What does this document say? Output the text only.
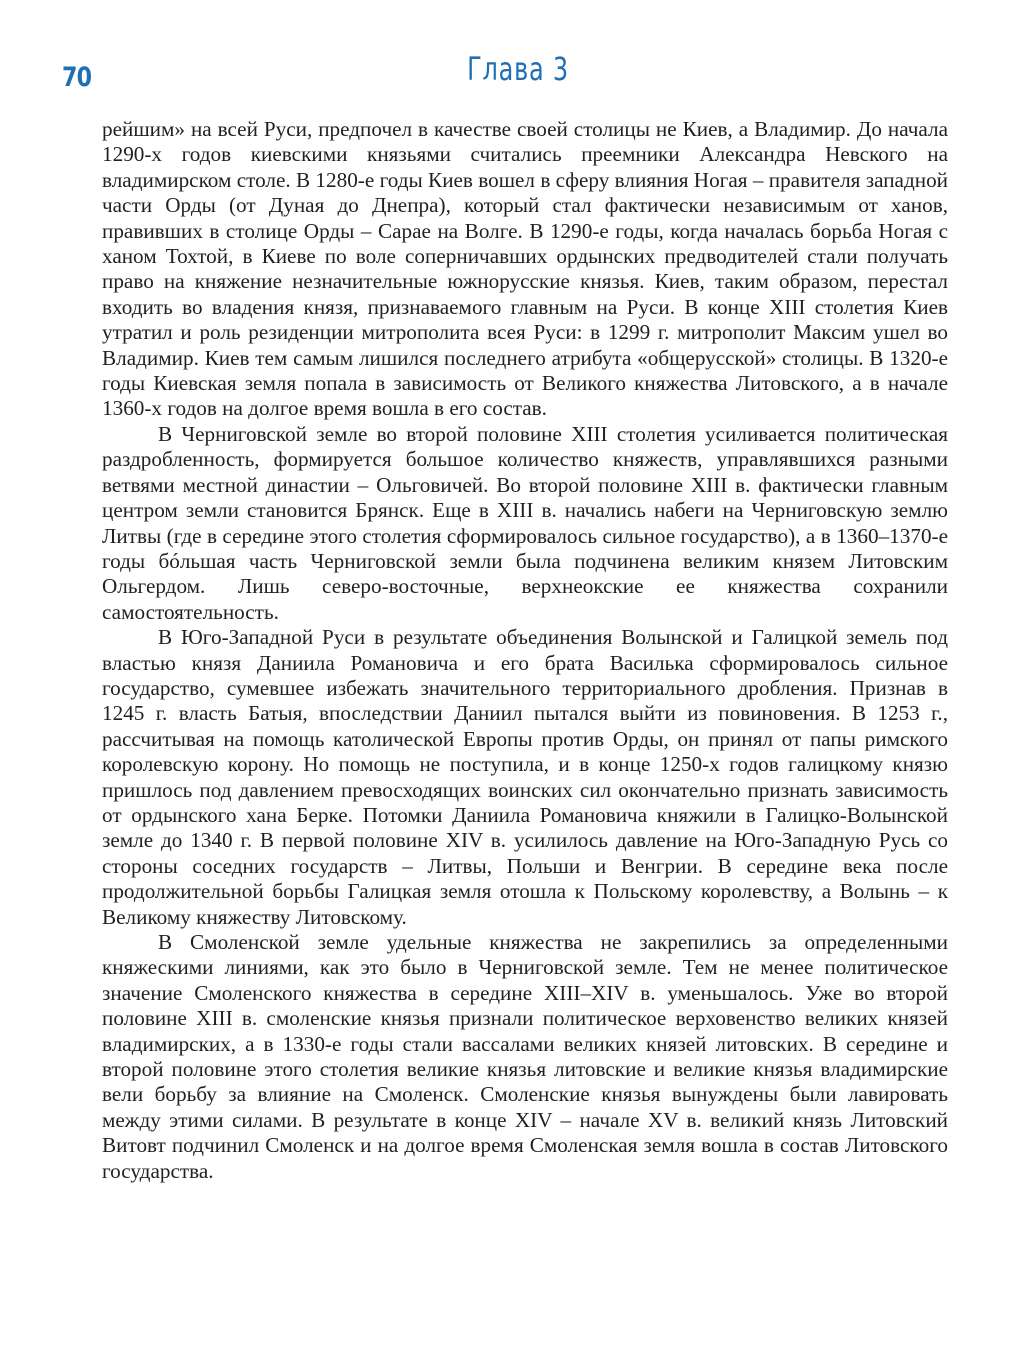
70	Глава 3

рейшим» на всей Руси, предпочел в качестве своей столицы не Киев, а Владимир. До начала 1290-х годов киевскими князьями считались преемники Александра Невского на владимирском столе. В 1280-е годы Киев вошел в сферу влияния Ногая – правителя западной части Орды (от Дуная до Днепра), который стал фактически независимым от ханов, правивших в столице Орды – Сарае на Волге. В 1290-е годы, когда началась борьба Ногая с ханом Тохтой, в Киеве по воле соперничавших ордынских предводителей стали получать право на княжение незначительные южнорусские князья. Киев, таким образом, перестал входить во владения князя, признаваемого главным на Руси. В конце XIII столетия Киев утратил и роль резиденции митрополита всея Руси: в 1299 г. митрополит Максим ушел во Владимир. Киев тем самым лишился последнего атрибута «общерусской» столицы. В 1320-е годы Киевская земля попала в зависимость от Великого княжества Литовского, а в начале 1360-х годов на долгое время вошла в его состав.

В Черниговской земле во второй половине XIII столетия усиливается политическая раздробленность, формируется большое количество княжеств, управлявшихся разными ветвями местной династии – Ольговичей. Во второй половине XIII в. фактически главным центром земли становится Брянск. Еще в XIII в. начались набеги на Черниговскую землю Литвы (где в середине этого столетия сформировалось сильное государство), а в 1360–1370-е годы бóльшая часть Черниговской земли была подчинена великим князем Литовским Ольгердом. Лишь северо-восточные, верхнеокские ее княжества сохранили самостоятельность.

В Юго-Западной Руси в результате объединения Волынской и Галицкой земель под властью князя Даниила Романовича и его брата Василька сформировалось сильное государство, сумевшее избежать значительного территориального дробления. Признав в 1245 г. власть Батыя, впоследствии Даниил пытался выйти из повиновения. В 1253 г., рассчитывая на помощь католической Европы против Орды, он принял от папы римского королевскую корону. Но помощь не поступила, и в конце 1250-х годов галицкому князю пришлось под давлением превосходящих воинских сил окончательно признать зависимость от ордынского хана Берке. Потомки Даниила Романовича княжили в Галицко-Волынской земле до 1340 г. В первой половине XIV в. усилилось давление на Юго-Западную Русь со стороны соседних государств – Литвы, Польши и Венгрии. В середине века после продолжительной борьбы Галицкая земля отошла к Польскому королевству, а Волынь – к Великому княжеству Литовскому.

В Смоленской земле удельные княжества не закрепились за определенными княжескими линиями, как это было в Черниговской земле. Тем не менее политическое значение Смоленского княжества в середине XIII–XIV в. уменьшалось. Уже во второй половине XIII в. смоленские князья признали политическое верховенство великих князей владимирских, а в 1330-е годы стали вассалами великих князей литовских. В середине и второй половине этого столетия великие князья литовские и великие князья владимирские вели борьбу за влияние на Смоленск. Смоленские князья вынуждены были лавировать между этими силами. В результате в конце XIV – начале XV в. великий князь Литовский Витовт подчинил Смоленск и на долгое время Смоленская земля вошла в состав Литовского государства.
